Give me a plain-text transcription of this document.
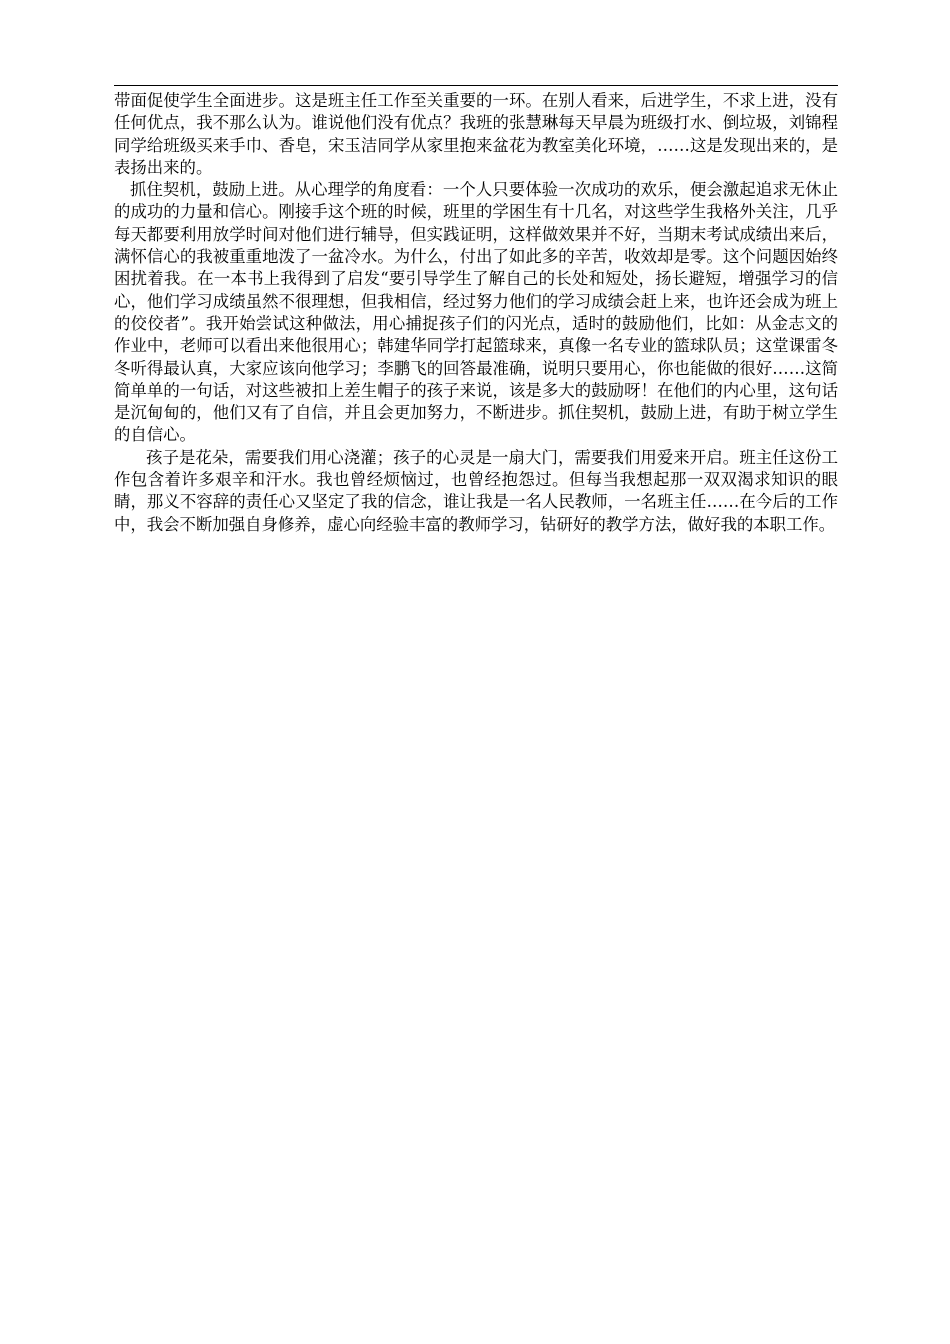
带面促使学生全面进步。这是班主任工作至关重要的一环。在别人看来，后进学生，不求上进，没有任何优点，我不那么认为。谁说他们没有优点？我班的张慧琳每天早晨为班级打水、倒垃圾，刘锦程同学给班级买来手巾、香皂，宋玉洁同学从家里抱来盆花为教室美化环境，……这是发现出来的，是表扬出来的。

抓住契机，鼓励上进。从心理学的角度看：一个人只要体验一次成功的欢乐，便会激起追求无休止的成功的力量和信心。刚接手这个班的时候，班里的学困生有十几名，对这些学生我格外关注，几乎每天都要利用放学时间对他们进行辅导，但实践证明，这样做效果并不好，当期末考试成绩出来后，满怀信心的我被重重地泼了一盆冷水。为什么，付出了如此多的辛苦，收效却是零。这个问题因始终困扰着我。在一本书上我得到了启发“要引导学生了解自己的长处和短处，扬长避短，增强学习的信心，他们学习成绩虽然不很理想，但我相信，经过努力他们的学习成绩会赶上来，也许还会成为班上的佼佼者”。我开始尝试这种做法，用心捕捉孩子们的闪光点，适时的鼓励他们，比如：从金志文的作业中，老师可以看出来他很用心；韩建华同学打起篮球来，真像一名专业的篮球队员；这堂课雷冬冬听得最认真，大家应该向他学习；李鹏飞的回答最准确，说明只要用心，你也能做的很好……这简简单单的一句话，对这些被扣上差生帽子的孩子来说，该是多大的鼓励呀！在他们的内心里，这句话是沉甸甸的，他们又有了自信，并且会更加努力，不断进步。抓住契机，鼓励上进，有助于树立学生的自信心。

孩子是花朵，需要我们用心浇灌；孩子的心灵是一扇大门，需要我们用爱来开启。班主任这份工作包含着许多艰辛和汗水。我也曾经烦恼过，也曾经抱怨过。但每当我想起那一双双渴求知识的眼睛，那义不容辞的责任心又坚定了我的信念，谁让我是一名人民教师，一名班主任……在今后的工作中，我会不断加强自身修养，虚心向经验丰富的教师学习，钻研好的教学方法，做好我的本职工作。
